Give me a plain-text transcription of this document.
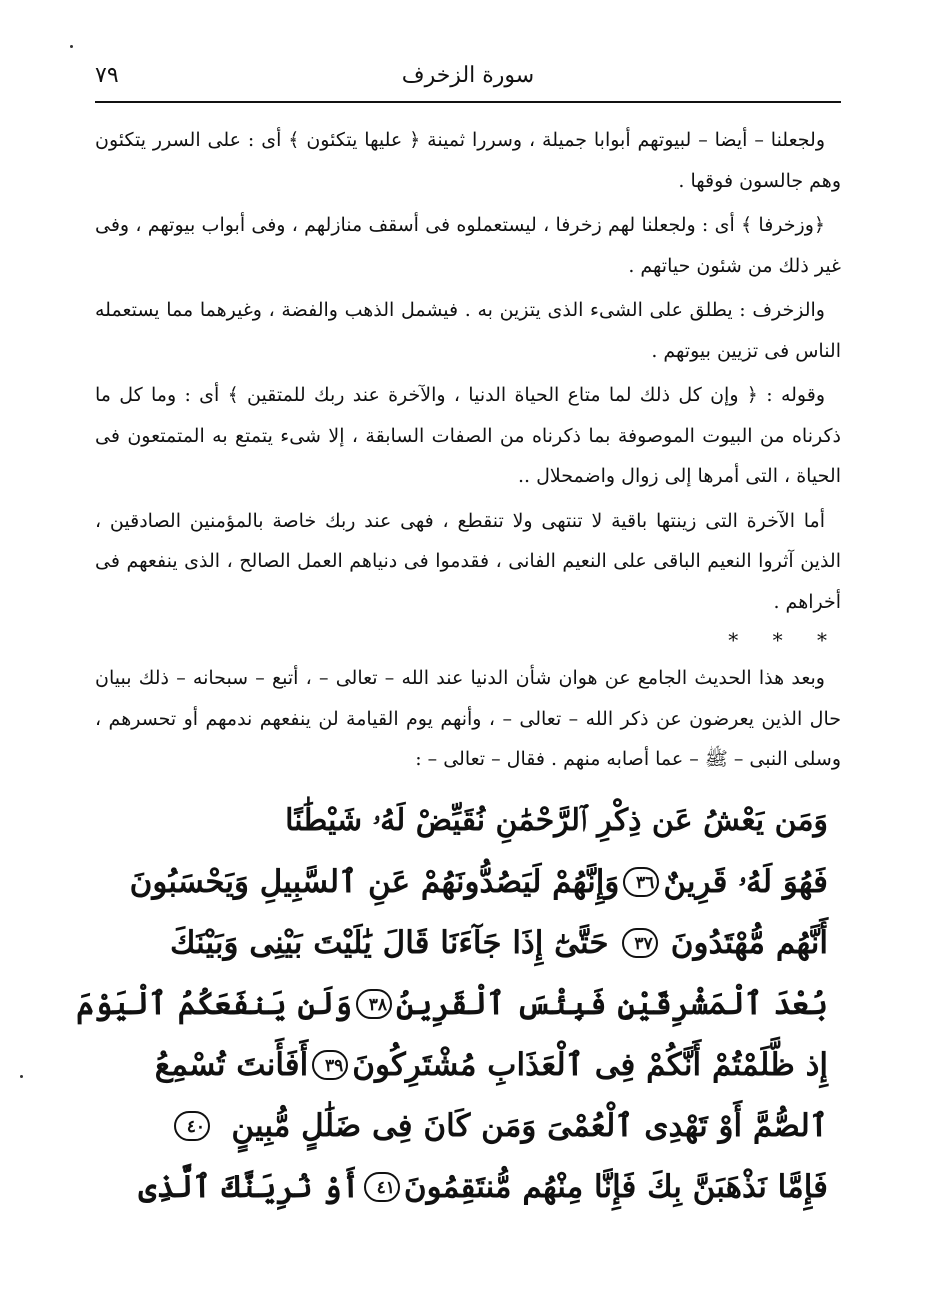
٧٩	سورة الزخرف

ولجعلنا – أيضا – لبيوتهم أبوابا جميلة ، وسررا ثمينة ﴿ عليها يتكئون ﴾ أى : على السرر يتكئون وهم جالسون فوقها .

﴿وزخرفا ﴾ أى : ولجعلنا لهم زخرفا ، ليستعملوه فى أسقف منازلهم ، وفى أبواب بيوتهم ، وفى غير ذلك من شئون حياتهم .

والزخرف : يطلق على الشىء الذى يتزين به . فيشمل الذهب والفضة ، وغيرهما مما يستعمله الناس فى تزيين بيوتهم .

وقوله : ﴿ وإن كل ذلك لما متاع الحياة الدنيا ، والآخرة عند ربك للمتقين ﴾ أى : وما كل ما ذكرناه من البيوت الموصوفة بما ذكرناه من الصفات السابقة ، إلا شىء يتمتع به المتمتعون فى الحياة ، التى أمرها إلى زوال واضمحلال ..

أما الآخرة التى زينتها باقية لا تنتهى ولا تنقطع ، فهى عند ربك خاصة بالمؤمنين الصادقين ، الذين آثروا النعيم الباقى على النعيم الفانى ، فقدموا فى دنياهم العمل الصالح ، الذى ينفعهم فى أخراهم .

* * *

وبعد هذا الحديث الجامع عن هوان شأن الدنيا عند الله – تعالى – ، أتبع – سبحانه – ذلك ببيان حال الذين يعرضون عن ذكر الله – تعالى – ، وأنهم يوم القيامة لن ينفعهم ندمهم أو تحسرهم ، وسلى النبى – ﷺ – عما أصابه منهم . فقال – تعالى – :

وَمَن يَعْشُ عَن ذِكْرِ ٱلرَّحْمَٰنِ نُقَيِّضْ لَهُۥ شَيْطَٰنًا
فَهُوَ لَهُۥ قَرِينٌ
٣٦
وَإِنَّهُمْ لَيَصُدُّونَهُمْ عَنِ ٱلسَّبِيلِ وَيَحْسَبُونَ
أَنَّهُم مُّهْتَدُونَ
٣٧
حَتَّىٰٓ إِذَا جَآءَنَا قَالَ يَٰلَيْتَ بَيْنِى وَبَيْنَكَ
بُعْدَ ٱلْمَشْرِقَيْنِ فَبِئْسَ ٱلْقَرِينُ
٣٨
وَلَن يَنفَعَكُمُ ٱلْيَوْمَ
إِذ ظَّلَمْتُمْ أَنَّكُمْ فِى ٱلْعَذَابِ مُشْتَرِكُونَ
٣٩
أَفَأَنتَ تُسْمِعُ
ٱلصُّمَّ أَوْ تَهْدِى ٱلْعُمْىَ وَمَن كَانَ فِى ضَلَٰلٍ مُّبِينٍ
٤٠
فَإِمَّا نَذْهَبَنَّ بِكَ فَإِنَّا مِنْهُم مُّنتَقِمُونَ
٤١
أَوْ نُرِيَنَّكَ ٱلَّذِى
